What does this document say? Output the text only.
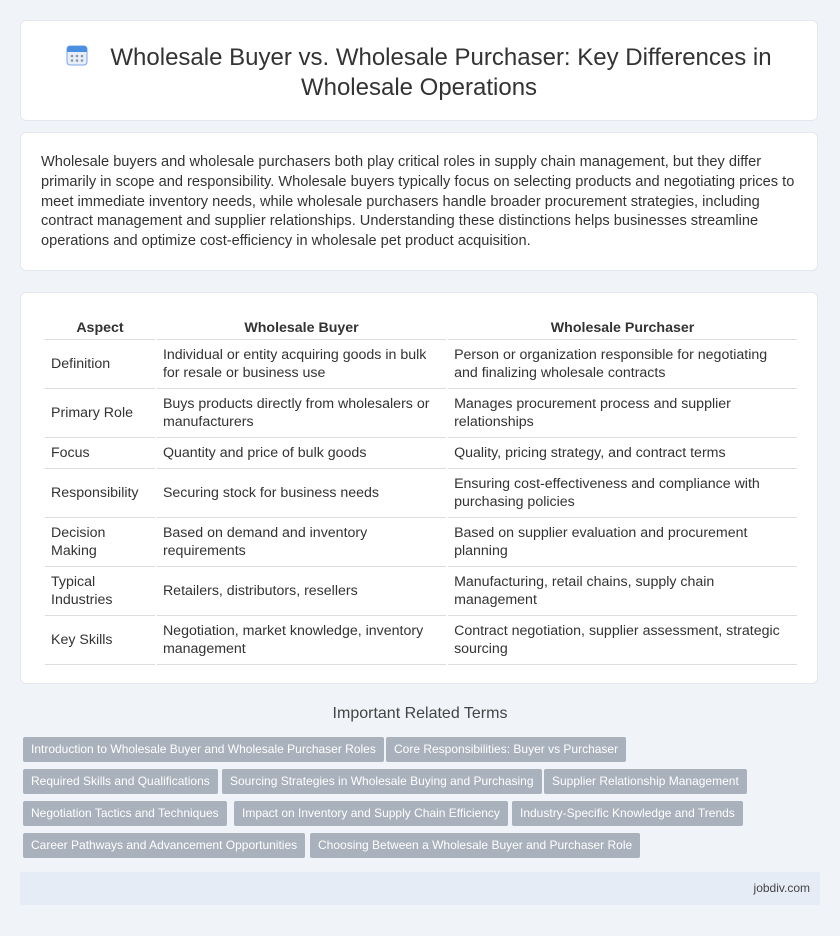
Wholesale Buyer vs. Wholesale Purchaser: Key Differences in Wholesale Operations
Wholesale buyers and wholesale purchasers both play critical roles in supply chain management, but they differ primarily in scope and responsibility. Wholesale buyers typically focus on selecting products and negotiating prices to meet immediate inventory needs, while wholesale purchasers handle broader procurement strategies, including contract management and supplier relationships. Understanding these distinctions helps businesses streamline operations and optimize cost-efficiency in wholesale pet product acquisition.
Aspect	Wholesale Buyer	Wholesale Purchaser
Definition	Individual or entity acquiring goods in bulk for resale or business use	Person or organization responsible for negotiating and finalizing wholesale contracts
Primary Role	Buys products directly from wholesalers or manufacturers	Manages procurement process and supplier relationships
Focus	Quantity and price of bulk goods	Quality, pricing strategy, and contract terms
Responsibility	Securing stock for business needs	Ensuring cost-effectiveness and compliance with purchasing policies
Decision Making	Based on demand and inventory requirements	Based on supplier evaluation and procurement planning
Typical Industries	Retailers, distributors, resellers	Manufacturing, retail chains, supply chain management
Key Skills	Negotiation, market knowledge, inventory management	Contract negotiation, supplier assessment, strategic sourcing
Important Related Terms
Introduction to Wholesale Buyer and Wholesale Purchaser Roles	Core Responsibilities: Buyer vs Purchaser
Required Skills and Qualifications	Sourcing Strategies in Wholesale Buying and Purchasing	Supplier Relationship Management
Negotiation Tactics and Techniques	Impact on Inventory and Supply Chain Efficiency	Industry-Specific Knowledge and Trends
Career Pathways and Advancement Opportunities	Choosing Between a Wholesale Buyer and Purchaser Role
jobdiv.com
